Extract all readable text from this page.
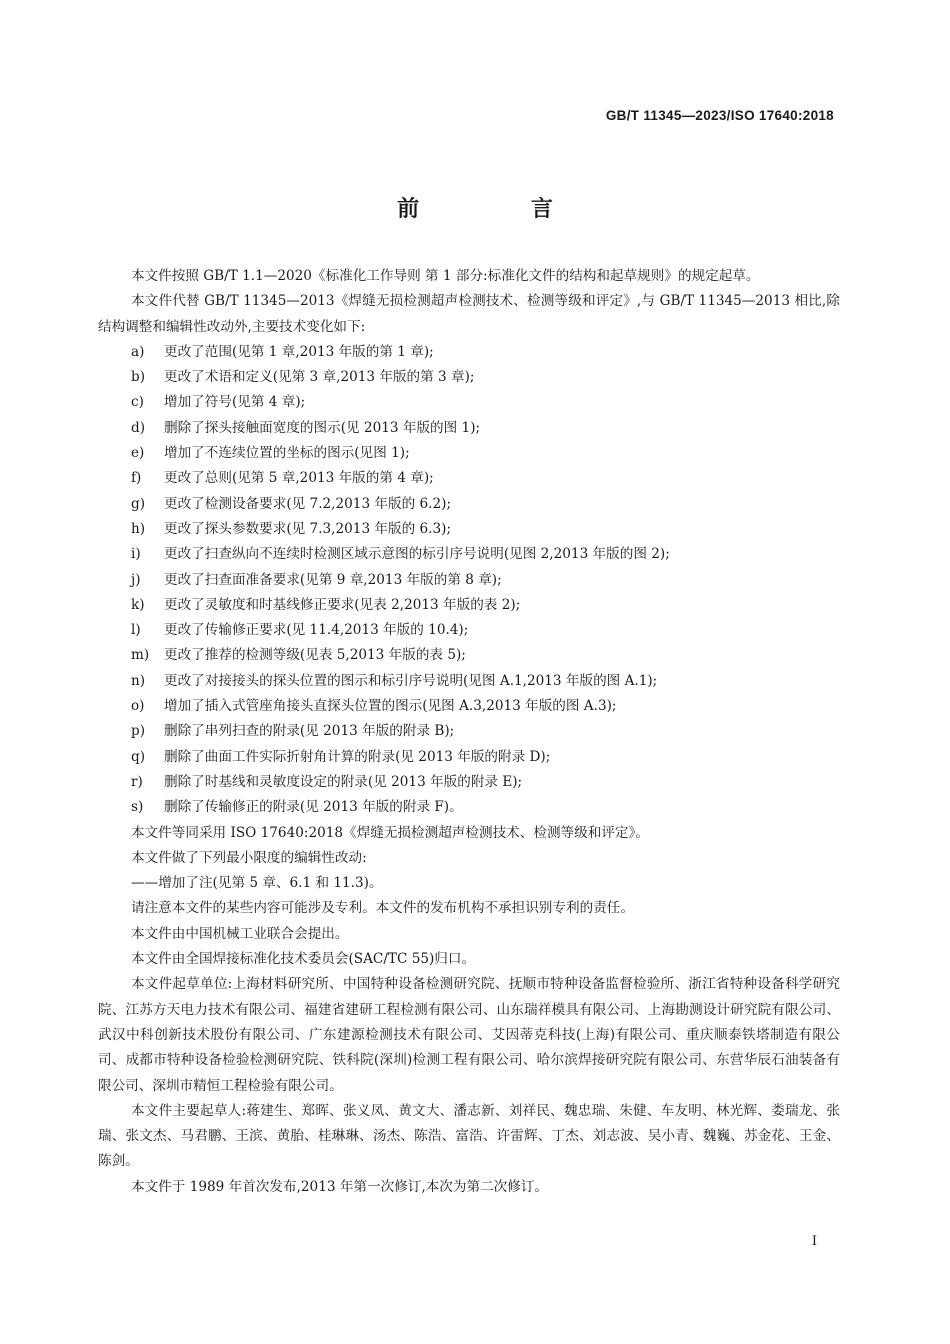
GB/T 11345—2023/ISO 17640:2018
前 言

本文件按照 GB/T 1.1—2020《标准化工作导则 第 1 部分:标准化文件的结构和起草规则》的规定起草。

本文件代替 GB/T 11345—2013《焊缝无损检测超声检测技术、检测等级和评定》,与 GB/T 11345—2013 相比,除结构调整和编辑性改动外,主要技术变化如下:

a) 更改了范围(见第 1 章,2013 年版的第 1 章);

b) 更改了术语和定义(见第 3 章,2013 年版的第 3 章);

c) 增加了符号(见第 4 章);

d) 删除了探头接触面宽度的图示(见 2013 年版的图 1);

e) 增加了不连续位置的坐标的图示(见图 1);

f) 更改了总则(见第 5 章,2013 年版的第 4 章);

g) 更改了检测设备要求(见 7.2,2013 年版的 6.2);

h) 更改了探头参数要求(见 7.3,2013 年版的 6.3);

i) 更改了扫查纵向不连续时检测区域示意图的标引序号说明(见图 2,2013 年版的图 2);

j) 更改了扫查面准备要求(见第 9 章,2013 年版的第 8 章);

k) 更改了灵敏度和时基线修正要求(见表 2,2013 年版的表 2);

l) 更改了传输修正要求(见 11.4,2013 年版的 10.4);

m) 更改了推荐的检测等级(见表 5,2013 年版的表 5);

n) 更改了对接接头的探头位置的图示和标引序号说明(见图 A.1,2013 年版的图 A.1);

o) 增加了插入式管座角接头直探头位置的图示(见图 A.3,2013 年版的图 A.3);

p) 删除了串列扫查的附录(见 2013 年版的附录 B);

q) 删除了曲面工件实际折射角计算的附录(见 2013 年版的附录 D);

r) 删除了时基线和灵敏度设定的附录(见 2013 年版的附录 E);

s) 删除了传输修正的附录(见 2013 年版的附录 F)。

本文件等同采用 ISO 17640:2018《焊缝无损检测超声检测技术、检测等级和评定》。

本文件做了下列最小限度的编辑性改动:

——增加了注(见第 5 章、6.1 和 11.3)。

请注意本文件的某些内容可能涉及专利。本文件的发布机构不承担识别专利的责任。

本文件由中国机械工业联合会提出。

本文件由全国焊接标准化技术委员会(SAC/TC 55)归口。

本文件起草单位:上海材料研究所、中国特种设备检测研究院、抚顺市特种设备监督检验所、浙江省特种设备科学研究院、江苏方天电力技术有限公司、福建省建研工程检测有限公司、山东瑞祥模具有限公司、上海勘测设计研究院有限公司、武汉中科创新技术股份有限公司、广东建源检测技术有限公司、艾因蒂克科技(上海)有限公司、重庆顺泰铁塔制造有限公司、成都市特种设备检验检测研究院、铁科院(深圳)检测工程有限公司、哈尔滨焊接研究院有限公司、东营华辰石油装备有限公司、深圳市精恒工程检验有限公司。

本文件主要起草人:蒋建生、郑晖、张义凤、黄文大、潘志新、刘祥民、魏忠瑞、朱健、车友明、林光辉、娄瑞龙、张瑞、张文杰、马君鹏、王滨、黄胎、桂琳琳、汤杰、陈浩、富浩、许雷辉、丁杰、刘志波、吴小青、魏巍、苏金花、王金、陈剑。

本文件于 1989 年首次发布,2013 年第一次修订,本次为第二次修订。

I
